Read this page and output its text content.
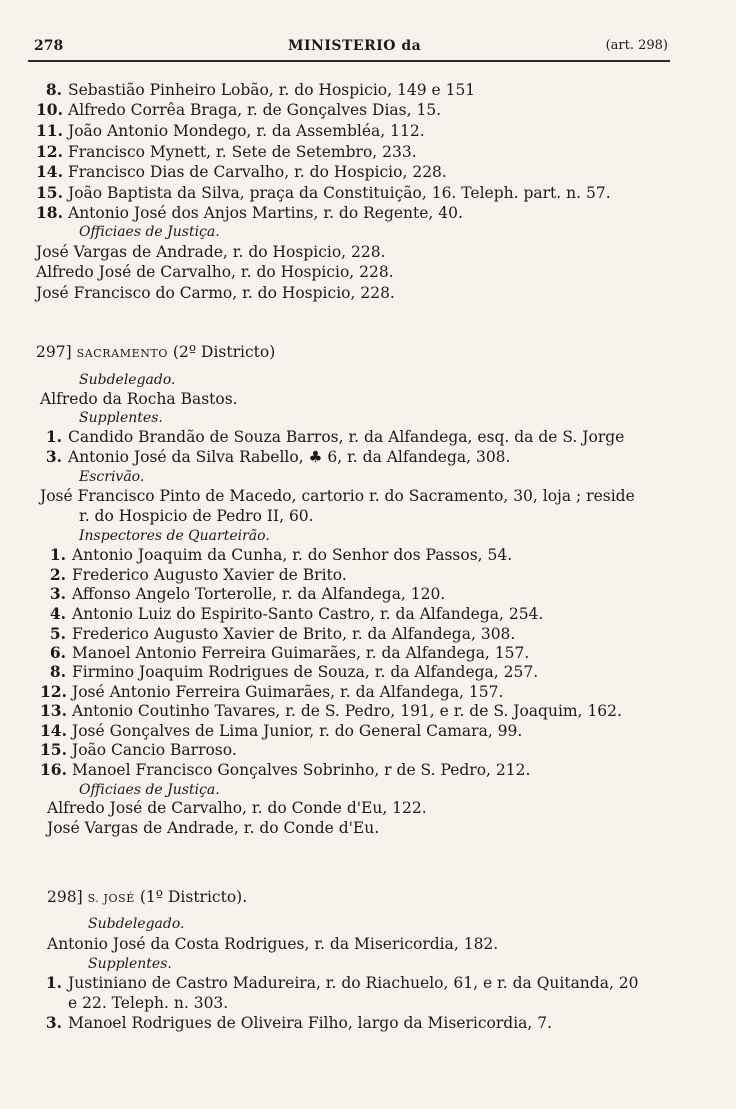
278	MINISTERIO da	(art. 298)
8. Sebastião Pinheiro Lobão, r. do Hospicio, 149 e 151
10. Alfredo Corrêa Braga, r. de Gonçalves Dias, 15.
11. João Antonio Mondego, r. da Assembléa, 112.
12. Francisco Mynett, r. Sete de Setembro, 233.
14. Francisco Dias de Carvalho, r. do Hospicio, 228.
15. João Baptista da Silva, praça da Constituição, 16. Teleph. part. n. 57.
18. Antonio José dos Anjos Martins, r. do Regente, 40.
Officiaes de Justiça.
José Vargas de Andrade, r. do Hospicio, 228.
Alfredo José de Carvalho, r. do Hospicio, 228.
José Francisco do Carmo, r. do Hospicio, 228.
297] SACRAMENTO (2º Districto)
Subdelegado.
Alfredo da Rocha Bastos.
Supplentes.
1. Candido Brandão de Souza Barros, r. da Alfandega, esq. da de S. Jorge
3. Antonio José da Silva Rabello, ♣ 6, r. da Alfandega, 308.
Escrivão.
José Francisco Pinto de Macedo, cartorio r. do Sacramento, 30, loja ; reside
r. do Hospicio de Pedro II, 60.
Inspectores de Quarteirão.
1. Antonio Joaquim da Cunha, r. do Senhor dos Passos, 54.
2. Frederico Augusto Xavier de Brito.
3. Affonso Angelo Torterolle, r. da Alfandega, 120.
4. Antonio Luiz do Espirito-Santo Castro, r. da Alfandega, 254.
5. Frederico Augusto Xavier de Brito, r. da Alfandega, 308.
6. Manoel Antonio Ferreira Guimarães, r. da Alfandega, 157.
8. Firmino Joaquim Rodrigues de Souza, r. da Alfandega, 257.
12. José Antonio Ferreira Guimarães, r. da Alfandega, 157.
13. Antonio Coutinho Tavares, r. de S. Pedro, 191, e r. de S. Joaquim, 162.
14. José Gonçalves de Lima Junior, r. do General Camara, 99.
15. João Cancio Barroso.
16. Manoel Francisco Gonçalves Sobrinho, r de S. Pedro, 212.
Officiaes de Justiça.
Alfredo José de Carvalho, r. do Conde d'Eu, 122.
José Vargas de Andrade, r. do Conde d'Eu.
298] S. JOSÉ (1º Districto).
Subdelegado.
Antonio José da Costa Rodrigues, r. da Misericordia, 182.
Supplentes.
1. Justiniano de Castro Madureira, r. do Riachuelo, 61, e r. da Quitanda, 20
e 22. Teleph. n. 303.
3. Manoel Rodrigues de Oliveira Filho, largo da Misericordia, 7.
